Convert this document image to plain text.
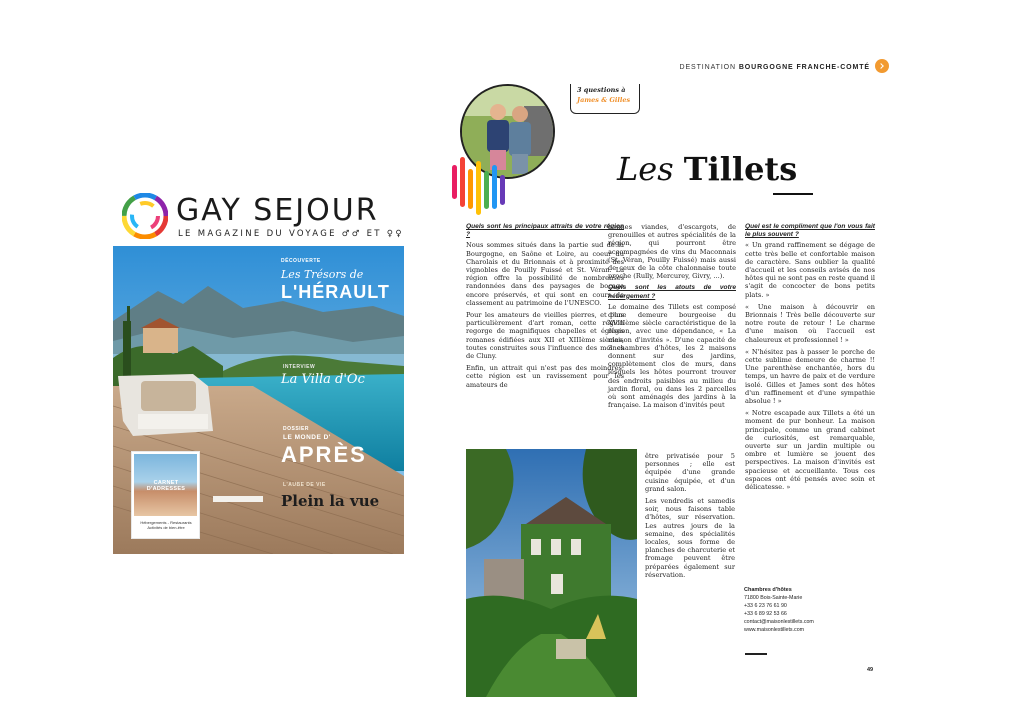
GAY SEJOUR
LE MAGAZINE DU VOYAGE ♂♂ ET ♀♀
DÉCOUVERTE
Les Trésors de
L'HÉRAULT
INTERVIEW
La Villa d'Oc
DOSSIER
LE MONDE D'
APRÈS
L'AUBE DE VIE
Plein la vue
CARNET D'ADRESSES
Hébergements - Restaurants Activités de bien-être
DESTINATION BOURGOGNE FRANCHE-COMTÉ
3 questions à
James & Gilles
Les Tillets

Quels sont les principaux attraits de votre région ?

Nous sommes situés dans la partie sud de la Bourgogne, en Saône et Loire, au coeur du Charolais et du Brionnais et à proximité des vignobles de Pouilly Fuissé et St. Véran. La région offre la possibilité de nombreuses randonnées dans des paysages de bocage encore préservés, et qui sont en cours de classement au patrimoine de l'UNESCO.

Pour les amateurs de vieilles pierres, et plus particulièrement d'art roman, cette région regorge de magnifiques chapelles et églises romanes édifiées aux XII et XIIIème siècles, toutes construites sous l'influence des moines de Cluny.

Enfin, un attrait qui n'est pas des moindres, cette région est un ravissement pour les amateurs de

bonnes viandes, d'escargots, de grenouilles et autres spécialités de la région, qui pourront être accompagnées de vins du Maconnais (St. Véran, Pouilly Fuissé) mais aussi de ceux de la côte chalonnaise toute proche (Rully, Mercurey, Givry, ...).

Quels sont les atouts de votre hébergement ?

Le domaine des Tillets est composé d'une demeure bourgeoise du XVIIIème siècle caractéristique de la région, avec une dépendance, « La maison d'invités ». D'une capacité de 3 chambres d'hôtes, les 2 maisons donnent sur des jardins, complètement clos de murs, dans lesquels les hôtes pourront trouver des endroits paisibles au milieu du jardin floral, ou dans les 2 parcelles où sont aménagés des jardins à la française. La maison d'invités peut

être privatisée pour 5 personnes ; elle est équipée d'une grande cuisine équipée, et d'un grand salon.

Les vendredis et samedis soir, nous faisons table d'hôtes, sur réservation. Les autres jours de la semaine, des spécialités locales, sous forme de planches de charcuterie et fromage peuvent être préparées également sur réservation.

Quel est le compliment que l'on vous fait le plus souvent ?

« Un grand raffinement se dégage de cette très belle et confortable maison de caractère. Sans oublier la qualité d'accueil et les conseils avisés de nos hôtes qui ne sont pas en reste quand il s'agit de concocter de bons petits plats. »

« Une maison à découvrir en Brionnais ! Très belle découverte sur notre route de retour ! Le charme d'une maison où l'accueil est chaleureux et professionnel ! »

« N'hésitez pas à passer le porche de cette sublime demeure de charme !! Une parenthèse enchantée, hors du temps, un havre de paix et de verdure isolé. Gilles et James sont des hôtes d'un raffinement et d'une sympathie absolue ! »

« Notre escapade aux Tillets a été un moment de pur bonheur. La maison principale, comme un grand cabinet de curiosités, est remarquable, ouverte sur un jardin multiple ou ombre et lumière se jouent des perspectives. La maison d'invités est spacieuse et accueillante. Tous ces espaces ont été pensés avec soin et délicatesse. »

Chambres d'hôtes
71800 Bois-Sainte-Marie
+33 6 23 76 61 90
+33 6 89 92 53 66
contact@maisonlestillets.com
www.maisonlestillets.com
49
